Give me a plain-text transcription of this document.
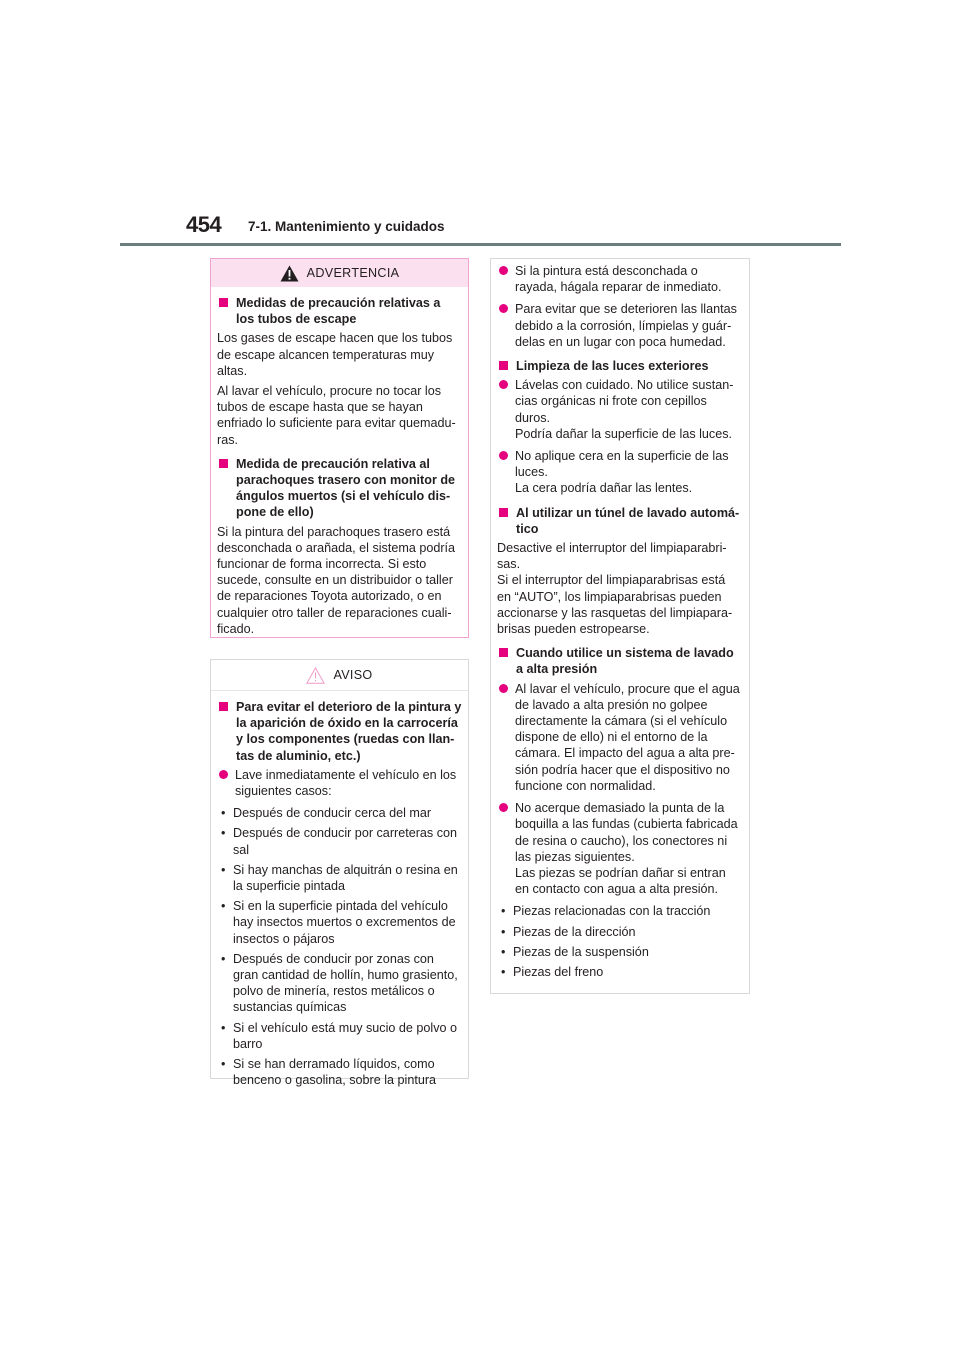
454 7-1. Mantenimiento y cuidados
ADVERTENCIA
Medidas de precaución relativas a
los tubos de escape
Los gases de escape hacen que los tubos
de escape alcancen temperaturas muy
altas.
Al lavar el vehículo, procure no tocar los
tubos de escape hasta que se hayan
enfriado lo suficiente para evitar quemadu-
ras.
Medida de precaución relativa al
parachoques trasero con monitor de
ángulos muertos (si el vehículo dis-
pone de ello)
Si la pintura del parachoques trasero está
desconchada o arañada, el sistema podría
funcionar de forma incorrecta. Si esto
sucede, consulte en un distribuidor o taller
de reparaciones Toyota autorizado, o en
cualquier otro taller de reparaciones cuali-
ficado.
AVISO
Para evitar el deterioro de la pintura y
la aparición de óxido en la carrocería
y los componentes (ruedas con llan-
tas de aluminio, etc.)
Lave inmediatamente el vehículo en los
siguientes casos:
• Después de conducir cerca del mar
• Después de conducir por carreteras con
sal
• Si hay manchas de alquitrán o resina en
la superficie pintada
• Si en la superficie pintada del vehículo
hay insectos muertos o excrementos de
insectos o pájaros
• Después de conducir por zonas con
gran cantidad de hollín, humo grasiento,
polvo de minería, restos metálicos o
sustancias químicas
• Si el vehículo está muy sucio de polvo o
barro
• Si se han derramado líquidos, como
benceno o gasolina, sobre la pintura
Si la pintura está desconchada o
rayada, hágala reparar de inmediato.
Para evitar que se deterioren las llantas
debido a la corrosión, límpielas y guár-
delas en un lugar con poca humedad.
Limpieza de las luces exteriores
Lávelas con cuidado. No utilice sustan-
cias orgánicas ni frote con cepillos
duros.
Podría dañar la superficie de las luces.
No aplique cera en la superficie de las
luces.
La cera podría dañar las lentes.
Al utilizar un túnel de lavado automá-
tico
Desactive el interruptor del limpiaparabri-
sas.
Si el interruptor del limpiaparabrisas está
en “AUTO”, los limpiaparabrisas pueden
accionarse y las rasquetas del limpiapara-
brisas pueden estropearse.
Cuando utilice un sistema de lavado
a alta presión
Al lavar el vehículo, procure que el agua
de lavado a alta presión no golpee
directamente la cámara (si el vehículo
dispone de ello) ni el entorno de la
cámara. El impacto del agua a alta pre-
sión podría hacer que el dispositivo no
funcione con normalidad.
No acerque demasiado la punta de la
boquilla a las fundas (cubierta fabricada
de resina o caucho), los conectores ni
las piezas siguientes.
Las piezas se podrían dañar si entran
en contacto con agua a alta presión.
• Piezas relacionadas con la tracción
• Piezas de la dirección
• Piezas de la suspensión
• Piezas del freno
